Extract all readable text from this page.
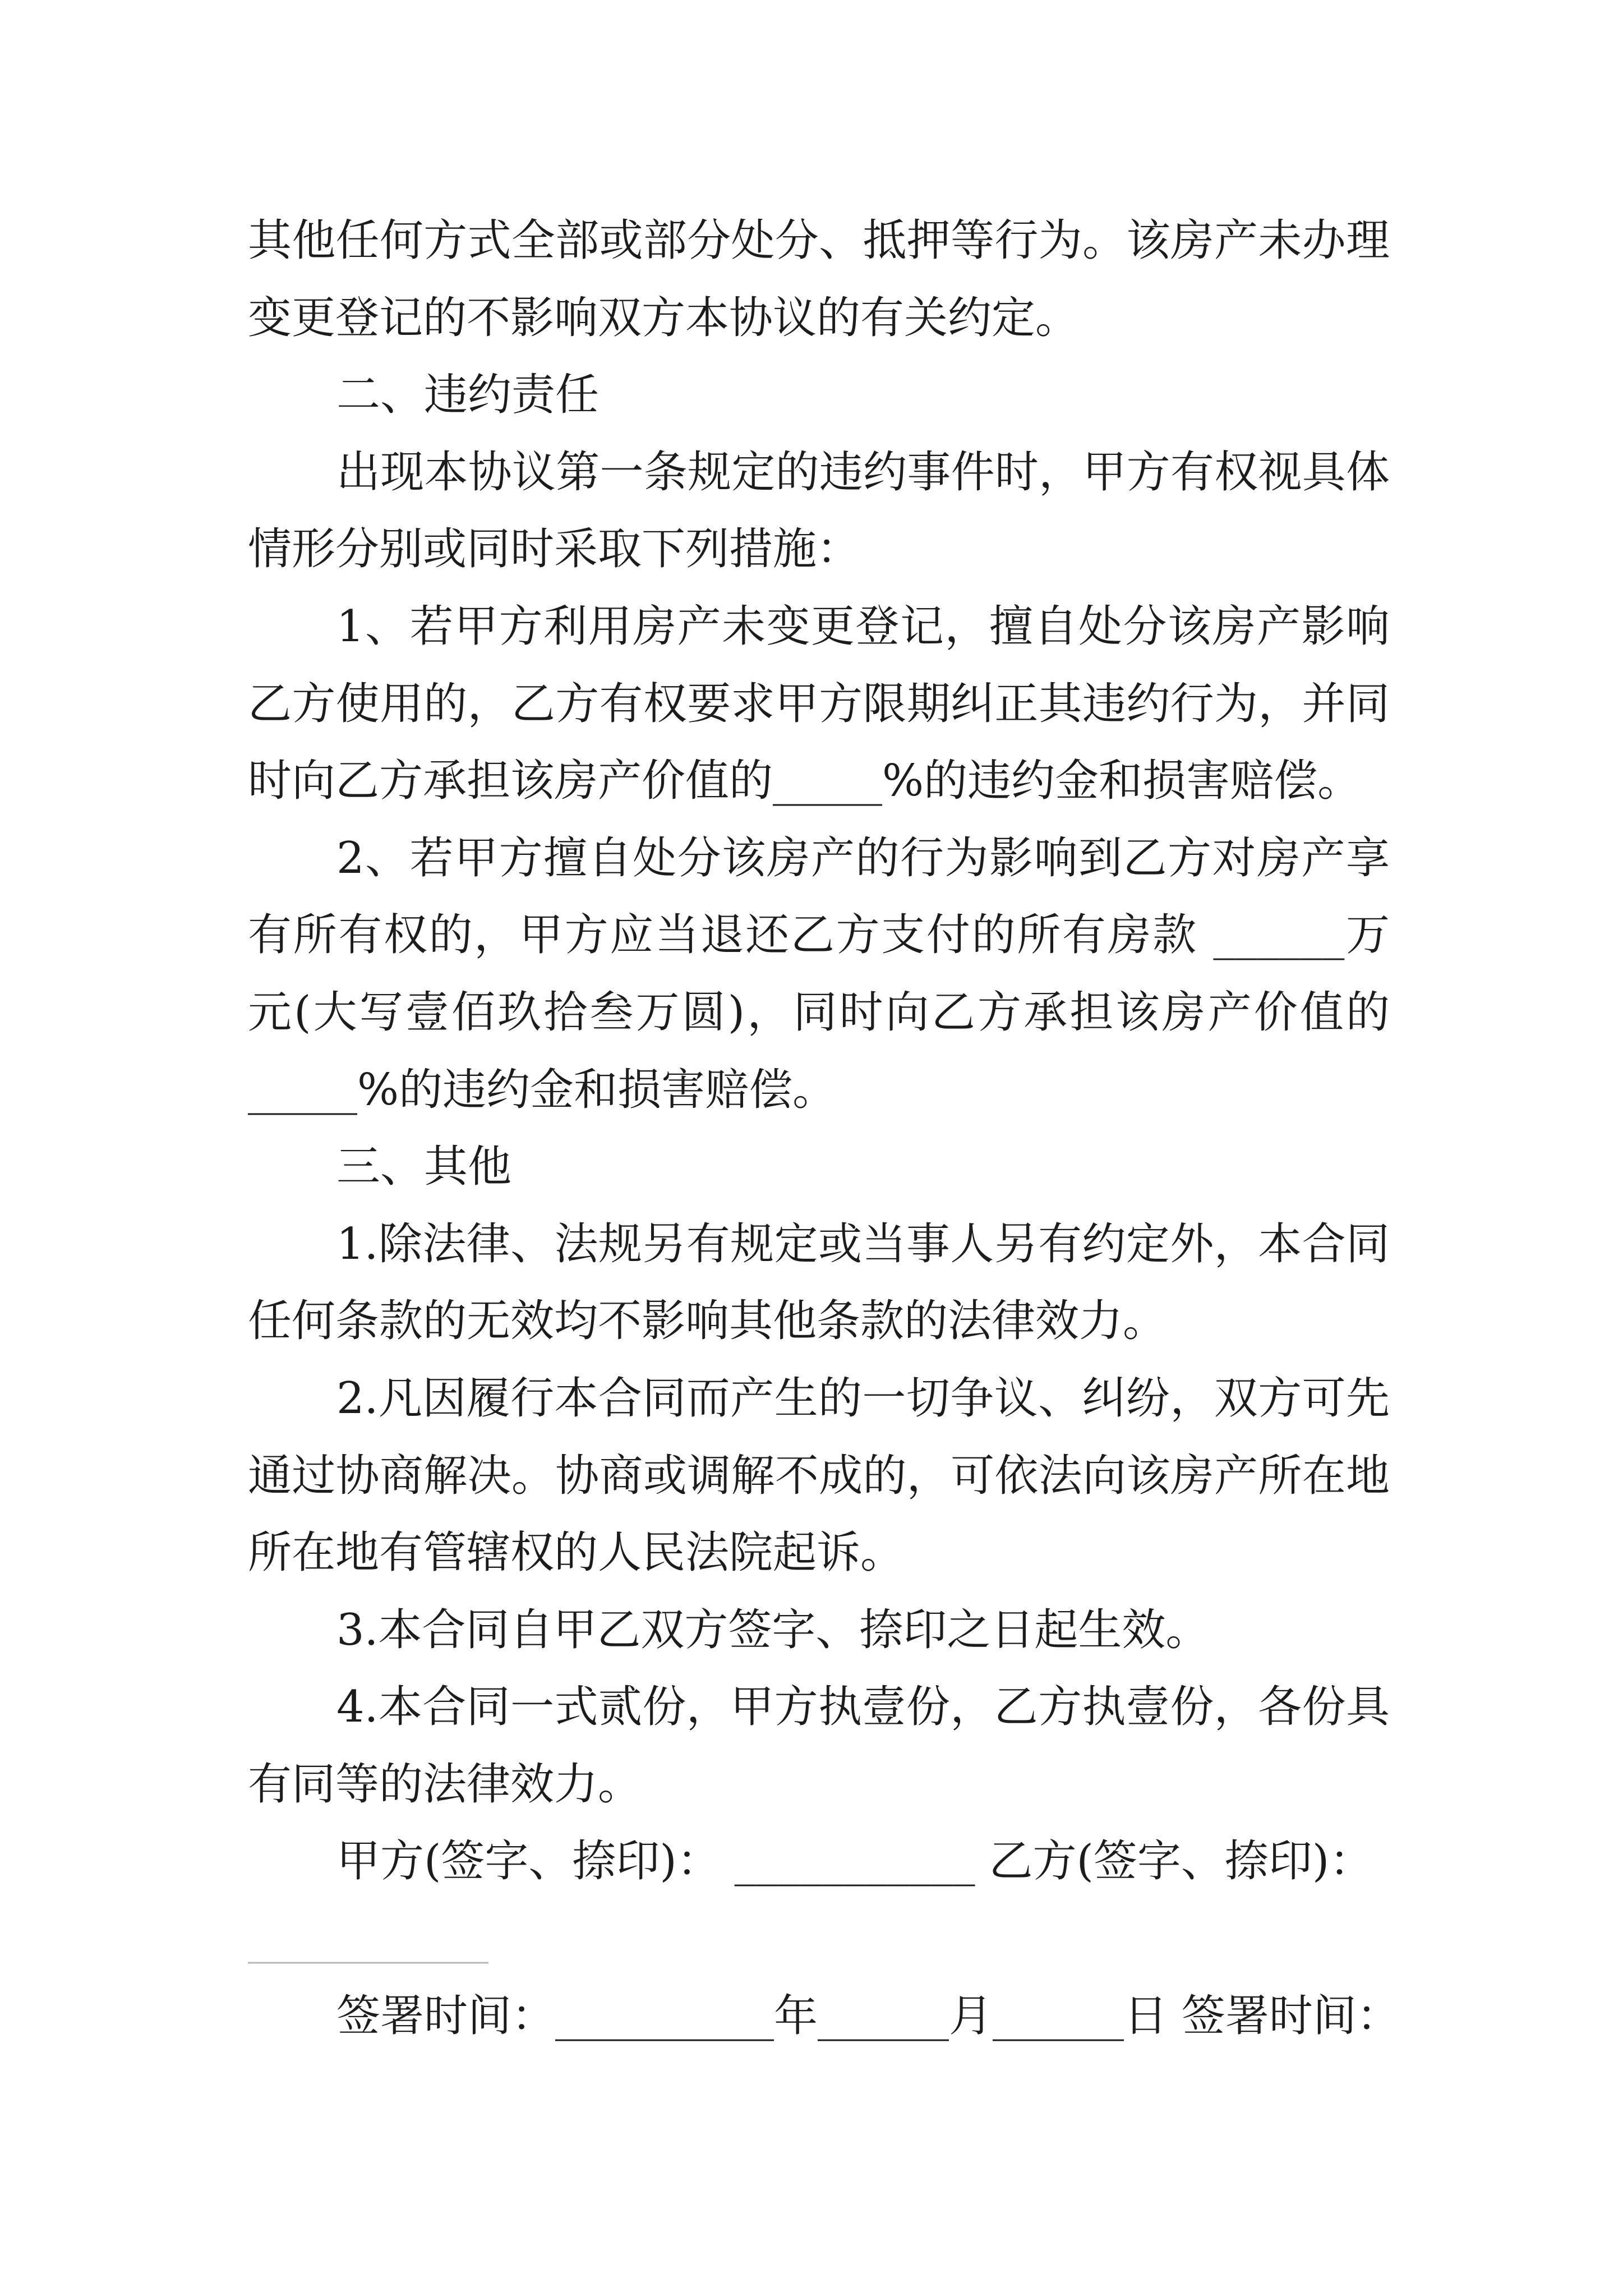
其他任何方式全部或部分处分、抵押等行为。该房产未办理
变更登记的不影响双方本协议的有关约定。
二、违约责任
出现本协议第一条规定的违约事件时，甲方有权视具体
情形分别或同时采取下列措施：
1、若甲方利用房产未变更登记，擅自处分该房产影响
乙方使用的，乙方有权要求甲方限期纠正其违约行为，并同
时向乙方承担该房产价值的_____%的违约金和损害赔偿。
2、若甲方擅自处分该房产的行为影响到乙方对房产享
有所有权的，甲方应当退还乙方支付的所有房款 ______万
元(大写壹佰玖拾叁万圆)，同时向乙方承担该房产价值的
_____%的违约金和损害赔偿。
三、其他
1.除法律、法规另有规定或当事人另有约定外，本合同
任何条款的无效均不影响其他条款的法律效力。
2.凡因履行本合同而产生的一切争议、纠纷，双方可先
通过协商解决。协商或调解不成的，可依法向该房产所在地
所在地有管辖权的人民法院起诉。
3.本合同自甲乙双方签字、捺印之日起生效。
4.本合同一式贰份，甲方执壹份，乙方执壹份，各份具
有同等的法律效力。
甲方(签字、捺印)： ___________ 乙方(签字、捺印)：
___________
签署时间：__________年______月______日 签署时间：
